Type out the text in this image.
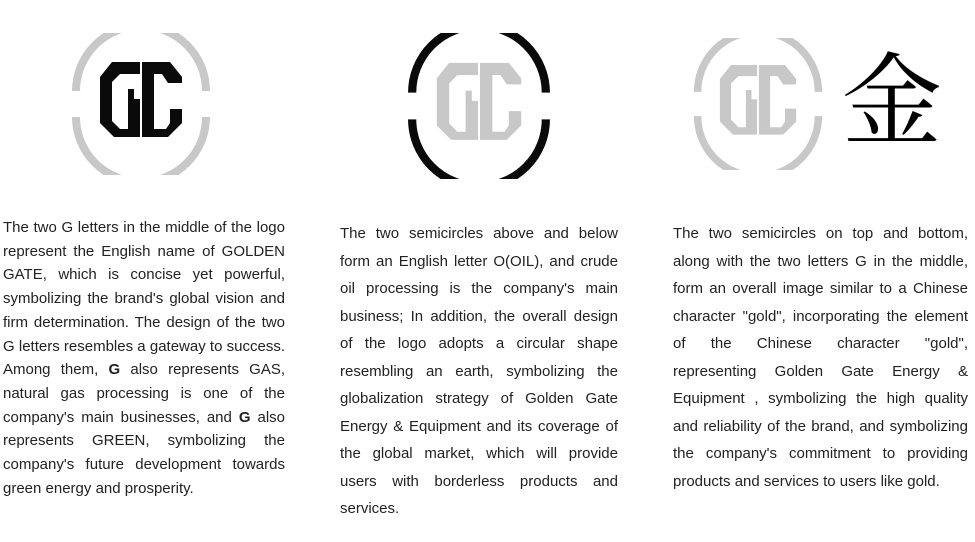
金

The two G letters in the middle of the logo represent the English name of GOLDEN GATE, which is concise yet powerful, symbolizing the brand's global vision and firm determination. The design of the two G letters resembles a gateway to success. Among them, G also represents GAS, natural gas processing is one of the company's main businesses, and G also represents GREEN, symbolizing the company's future development towards green energy and prosperity.

The two semicircles above and below form an English letter O(OIL), and crude oil processing is the company's main business; In addition, the overall design of the logo adopts a circular shape resembling an earth, symbolizing the globalization strategy of Golden Gate Energy & Equipment and its coverage of the global market, which will provide users with borderless products and services.

The two semicircles on top and bottom, along with the two letters G in the middle, form an overall image similar to a Chinese character "gold", incorporating the element of the Chinese character "gold", representing Golden Gate Energy & Equipment , symbolizing the high quality and reliability of the brand, and symbolizing the company's commitment to providing products and services to users like gold.
